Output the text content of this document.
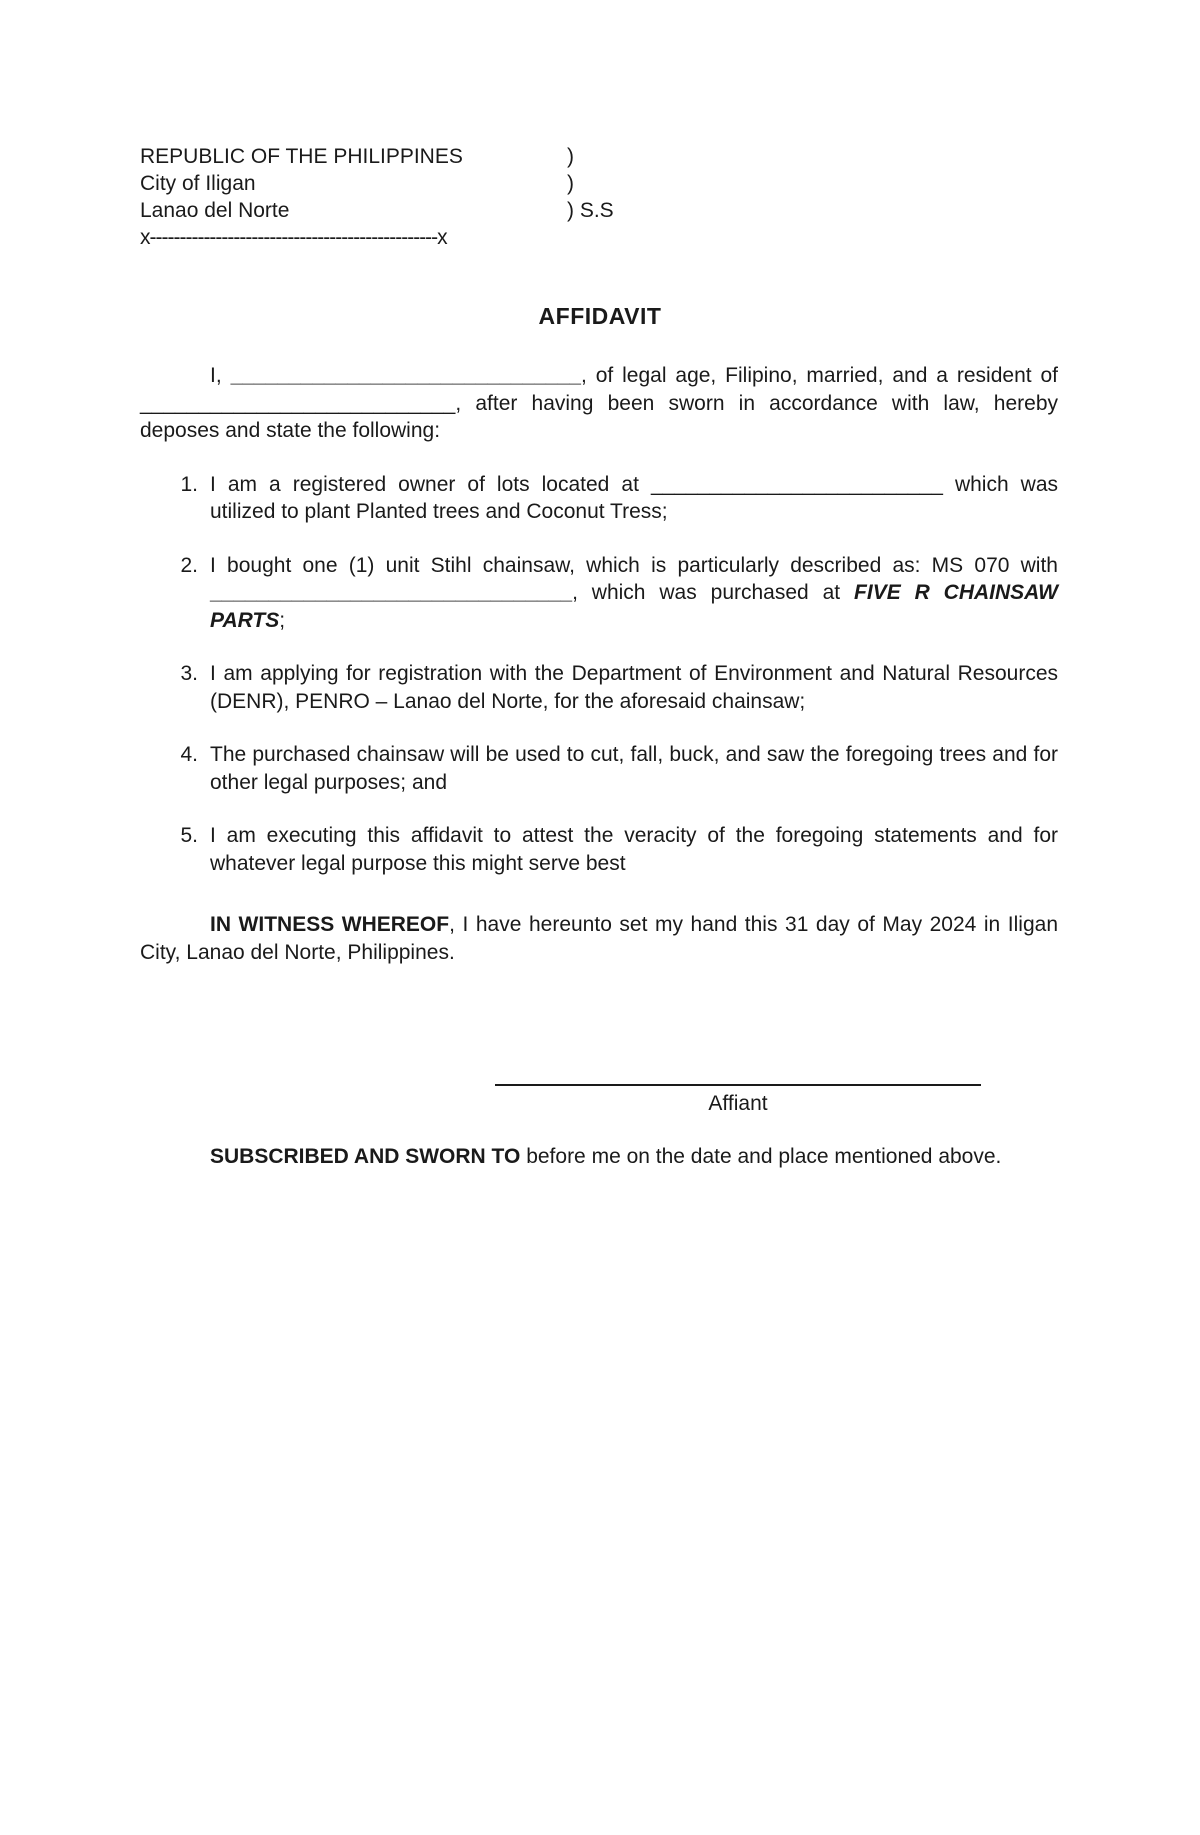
REPUBLIC OF THE PHILIPPINES	)
City of Iligan	)
Lanao del Norte	) S.S
x------------------------------------------------x
AFFIDAVIT

I, ______________________________, of legal age, Filipino, married, and a resident of ___________________________, after having been sworn in accordance with law, hereby deposes and state the following:

1. I am a registered owner of lots located at _________________________ which was utilized to plant Planted trees and Coconut Tress;
2. I bought one (1) unit Stihl chainsaw, which is particularly described as: MS 070 with _______________________________, which was purchased at FIVE R CHAINSAW PARTS;
3. I am applying for registration with the Department of Environment and Natural Resources (DENR), PENRO – Lanao del Norte, for the aforesaid chainsaw;
4. The purchased chainsaw will be used to cut, fall, buck, and saw the foregoing trees and for other legal purposes; and
5. I am executing this affidavit to attest the veracity of the foregoing statements and for whatever legal purpose this might serve best

IN WITNESS WHEREOF, I have hereunto set my hand this 31 day of May 2024 in Iligan City, Lanao del Norte, Philippines.

Affiant

SUBSCRIBED AND SWORN TO before me on the date and place mentioned above.
